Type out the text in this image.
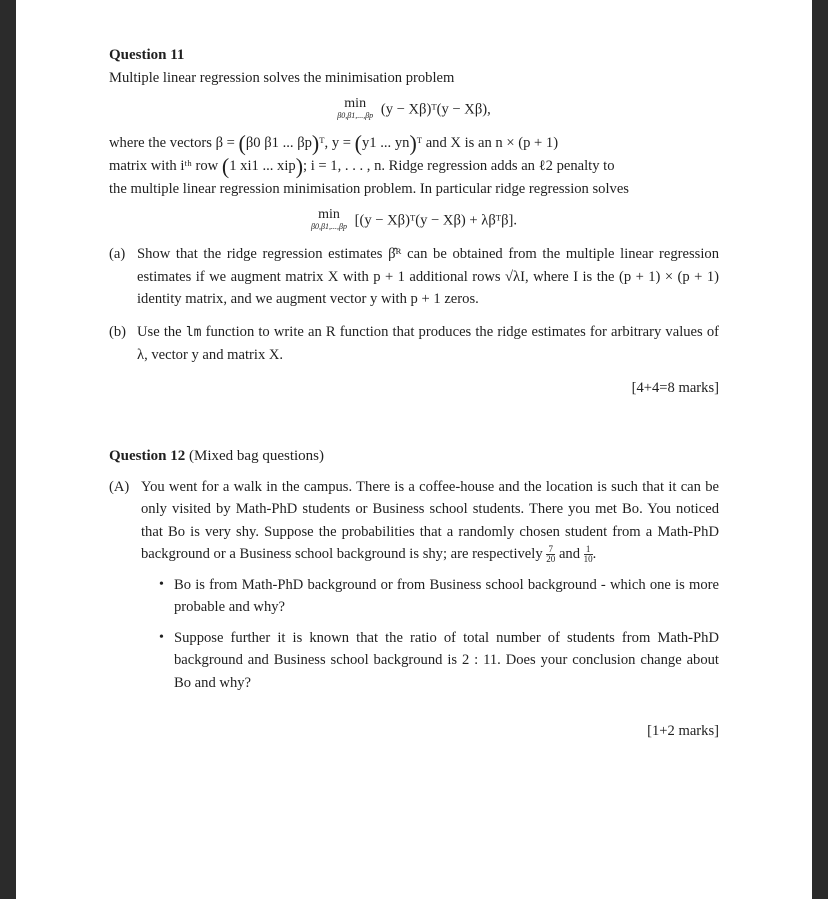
Question 11

Multiple linear regression solves the minimisation problem

min
β0,β1,...,βp (y − Xβ)ᵀ(y − Xβ),

where the vectors β = (β0 β1 ... βp)ᵀ, y = (y1 ... yn)ᵀ and X is an n × (p + 1)

matrix with iᵗʰ row (1 xi1 ... xip); i = 1, . . . , n. Ridge regression adds an ℓ2 penalty to

the multiple linear regression minimisation problem. In particular ridge regression solves

min
β0,β1,...,βp [(y − Xβ)ᵀ(y − Xβ) + λβᵀβ].
(a) Show that the ridge regression estimates β̂ᴿ can be obtained from the multiple linear regression estimates if we augment matrix X with p + 1 additional rows √λI, where I is the (p + 1) × (p + 1) identity matrix, and we augment vector y with p + 1 zeros.
(b) Use the lm function to write an R function that produces the ridge estimates for arbitrary values of λ, vector y and matrix X.
[4+4=8 marks]
Question 12 (Mixed bag questions)
(A) You went for a walk in the campus. There is a coffee-house and the location is such that it can be only visited by Math-PhD students or Business school students. There you met Bo. You noticed that Bo is very shy. Suppose the probabilities that a randomly chosen student from a Math-PhD background or a Business school background is shy; are respectively $\frac{7}{20}$ and $\frac{1}{10}$ .
• Bo is from Math-PhD background or from Business school background - which one is more probable and why?
• Suppose further it is known that the ratio of total number of students from Math-PhD background and Business school background is 2 : 11. Does your conclusion change about Bo and why?
[1+2 marks]
